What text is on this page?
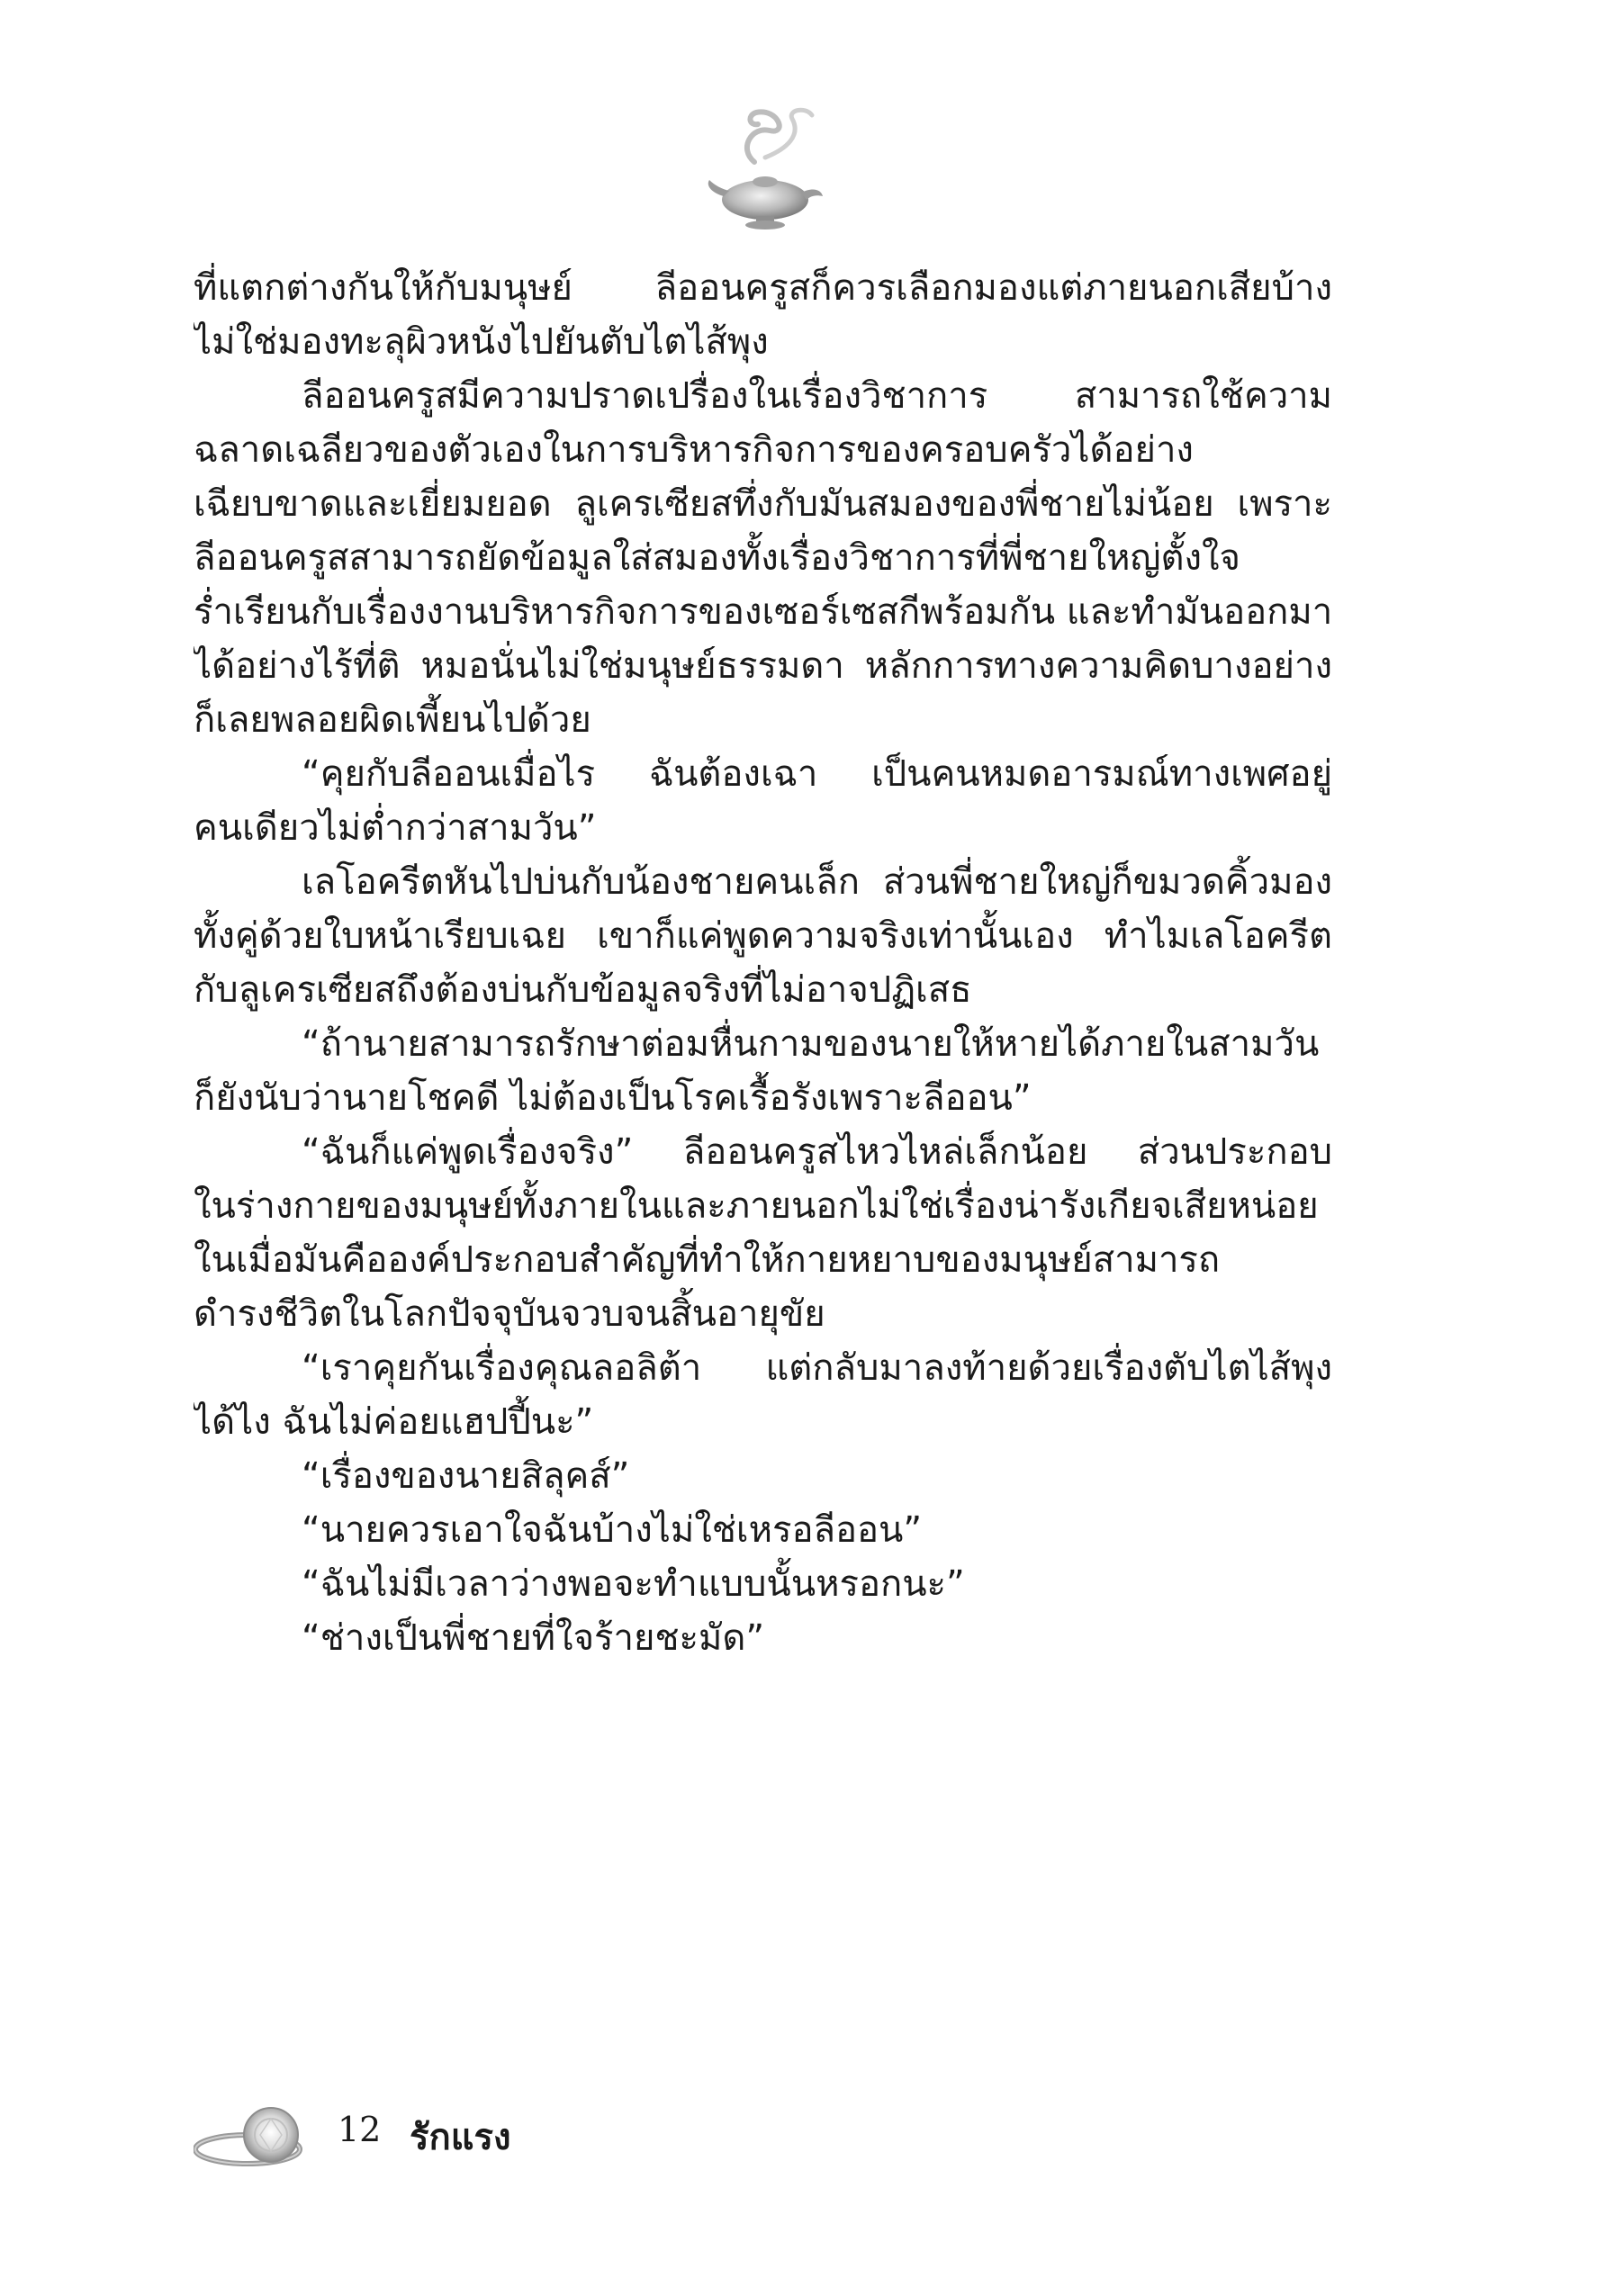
ที่แตกต่างกันให้กับมนุษย์ ลีออนครูสก็ควรเลือกมองแต่ภายนอกเสียบ้าง
ไม่ใช่มองทะลุผิวหนังไปยันตับไตไส้พุง
ลีออนครูสมีความปราดเปรื่องในเรื่องวิชาการ สามารถใช้ความ
ฉลาดเฉลียวของตัวเองในการบริหารกิจการของครอบครัวได้อย่าง
เฉียบขาดและเยี่ยมยอด ลูเครเซียสทึ่งกับมันสมองของพี่ชายไม่น้อย เพราะ
ลีออนครูสสามารถยัดข้อมูลใส่สมองทั้งเรื่องวิชาการที่พี่ชายใหญ่ตั้งใจ
ร่ำเรียนกับเรื่องงานบริหารกิจการของเซอร์เซสกีพร้อมกัน และทำมันออกมา
ได้อย่างไร้ที่ติ หมอนั่นไม่ใช่มนุษย์ธรรมดา หลักการทางความคิดบางอย่าง
ก็เลยพลอยผิดเพี้ยนไปด้วย
“คุยกับลีออนเมื่อไร ฉันต้องเฉา เป็นคนหมดอารมณ์ทางเพศอยู่
คนเดียวไม่ต่ำกว่าสามวัน”
เลโอครีตหันไปบ่นกับน้องชายคนเล็ก ส่วนพี่ชายใหญ่ก็ขมวดคิ้วมอง
ทั้งคู่ด้วยใบหน้าเรียบเฉย เขาก็แค่พูดความจริงเท่านั้นเอง ทำไมเลโอครีต
กับลูเครเซียสถึงต้องบ่นกับข้อมูลจริงที่ไม่อาจปฏิเสธ
“ถ้านายสามารถรักษาต่อมหื่นกามของนายให้หายได้ภายในสามวัน
ก็ยังนับว่านายโชคดี ไม่ต้องเป็นโรคเรื้อรังเพราะลีออน”
“ฉันก็แค่พูดเรื่องจริง” ลีออนครูสไหวไหล่เล็กน้อย ส่วนประกอบ
ในร่างกายของมนุษย์ทั้งภายในและภายนอกไม่ใช่เรื่องน่ารังเกียจเสียหน่อย
ในเมื่อมันคือองค์ประกอบสำคัญที่ทำให้กายหยาบของมนุษย์สามารถ
ดำรงชีวิตในโลกปัจจุบันจวบจนสิ้นอายุขัย
“เราคุยกันเรื่องคุณลอลิต้า แต่กลับมาลงท้ายด้วยเรื่องตับไตไส้พุง
ได้ไง ฉันไม่ค่อยแฮปปี้นะ”
“เรื่องของนายสิลุคส์”
“นายควรเอาใจฉันบ้างไม่ใช่เหรอลีออน”
“ฉันไม่มีเวลาว่างพอจะทำแบบนั้นหรอกนะ”
“ช่างเป็นพี่ชายที่ใจร้ายชะมัด”
12 รักแรง
